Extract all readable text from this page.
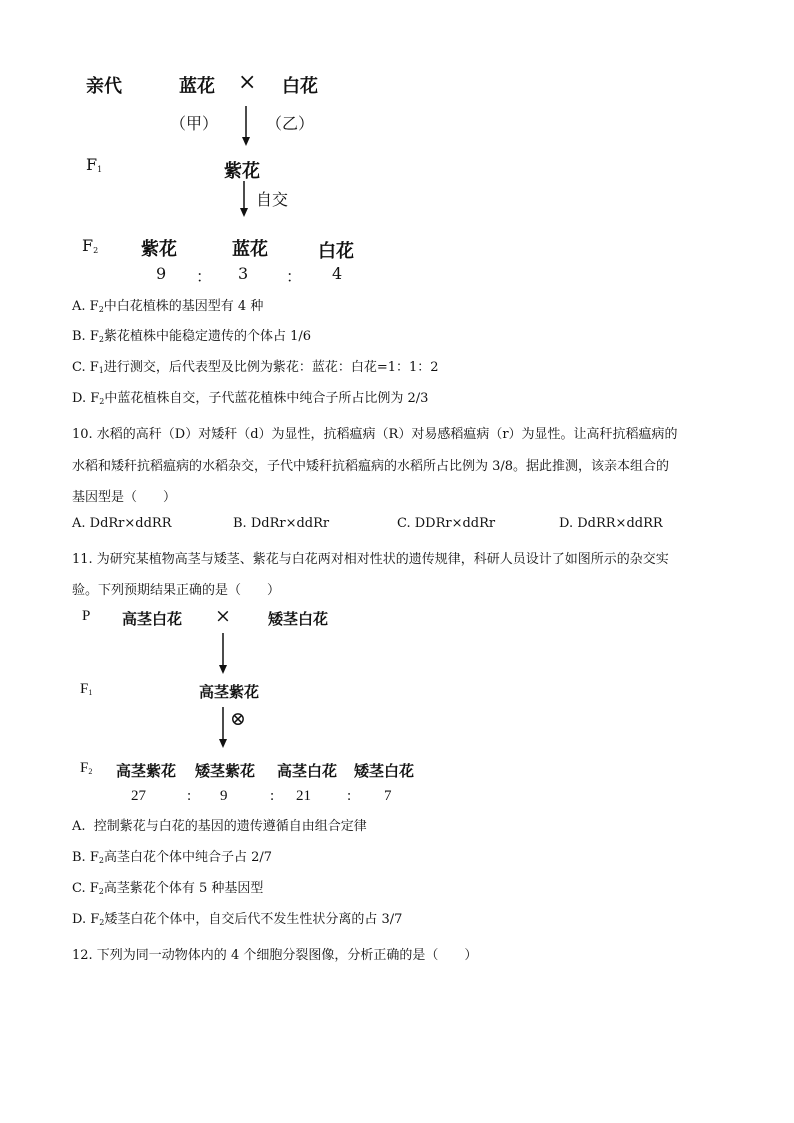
亲代	蓝花 × 白花
（甲）	（乙）
$F_1$	紫花
自交
$F_2$ 紫花	蓝花	白花
9 ： 3 ： 4
A. $F_2$中白花植株的基因型有 4 种
B. $F_2$紫花植株中能稳定遗传的个体占 1/6
C. $F_1$进行测交，后代表型及比例为紫花：蓝花：白花=1：1：2
D. $F_2$中蓝花植株自交，子代蓝花植株中纯合子所占比例为 2/3
10. 水稻的高秆（D）对矮秆（d）为显性，抗稻瘟病（R）对易感稻瘟病（r）为显性。让高秆抗稻瘟病的
水稻和矮秆抗稻瘟病的水稻杂交，子代中矮秆抗稻瘟病的水稻所占比例为 3/8。据此推测，该亲本组合的
基因型是（　　）
A. DdRr×ddRR	B. DdRr×ddRr	C. DDRr×ddRr	D. DdRR×ddRR
11. 为研究某植物高茎与矮茎、紫花与白花两对相对性状的遗传规律，科研人员设计了如图所示的杂交实
验。下列预期结果正确的是（　　）
P 高茎白花 × 矮茎白花
$F_1$	高茎紫花
⊗
$F_2$ 高茎紫花 矮茎紫花 高茎白花 矮茎白花
27	: 9	: 21 : 7
A.  控制紫花与白花的基因的遗传遵循自由组合定律
B. $F_2$高茎白花个体中纯合子占 2/7
C. $F_2$高茎紫花个体有 5 种基因型
D. $F_2$矮茎白花个体中，自交后代不发生性状分离的占 3/7
12. 下列为同一动物体内的 4 个细胞分裂图像，分析正确的是（　　）
